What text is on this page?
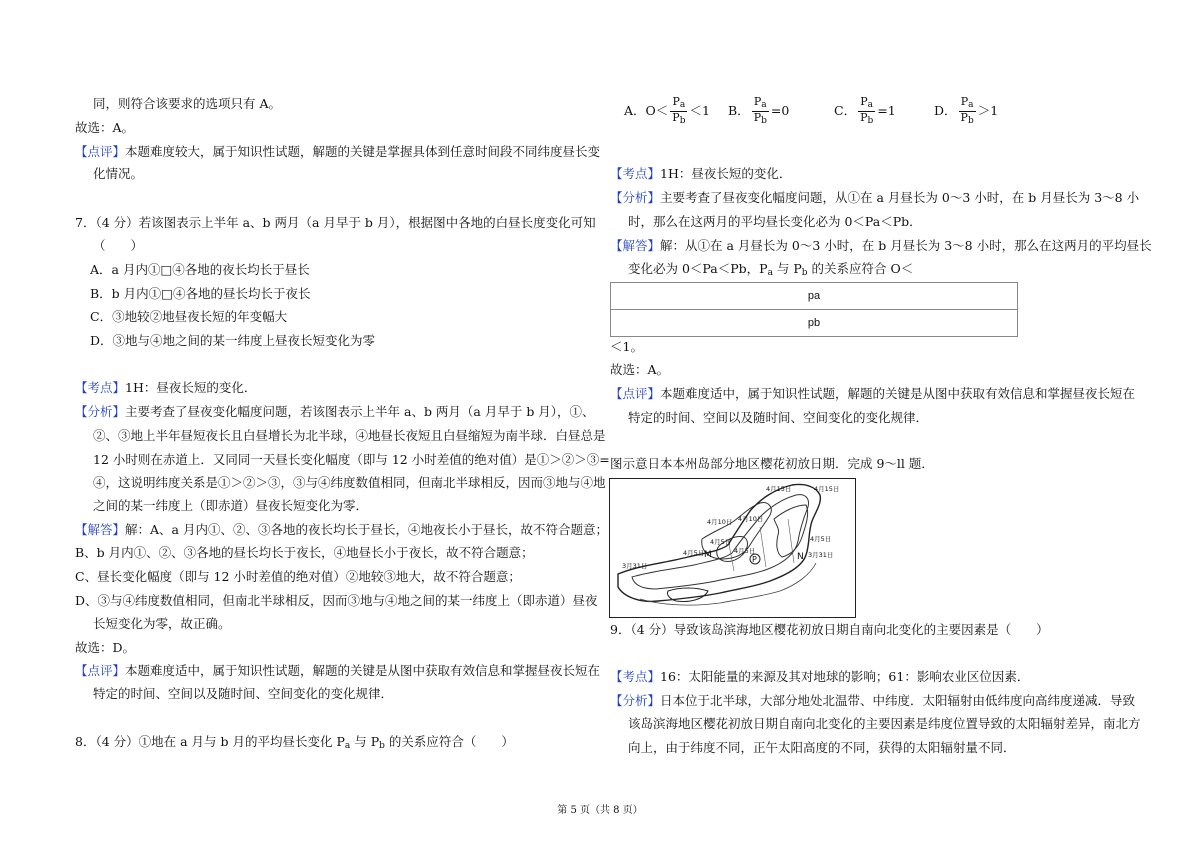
同，则符合该要求的选项只有 A。
故选：A。
【点评】本题难度较大，属于知识性试题，解题的关键是掌握具体到任意时间段不同纬度昼长变
化情况。
7．（4 分）若该图表示上半年 a、b 两月（a 月早于 b 月），根据图中各地的白昼长度变化可知
（　　）
A．a 月内①□④各地的夜长均长于昼长
B．b 月内①□④各地的昼长均长于夜长
C．③地较②地昼夜长短的年变幅大
D．③地与④地之间的某一纬度上昼夜长短变化为零
【考点】1H：昼夜长短的变化．
【分析】主要考查了昼夜变化幅度问题，若该图表示上半年 a、b 两月（a 月早于 b 月），①、
②、③地上半年昼短夜长且白昼增长为北半球，④地昼长夜短且白昼缩短为南半球．白昼总是
12 小时则在赤道上．又同同一天昼长变化幅度（即与 12 小时差值的绝对值）是①＞②＞③=
④，这说明纬度关系是①＞②＞③，③与④纬度数值相同，但南北半球相反，因而③地与④地
之间的某一纬度上（即赤道）昼夜长短变化为零．
【解答】解：A、a 月内①、②、③各地的夜长均长于昼长，④地夜长小于昼长，故不符合题意；
B、b 月内①、②、③各地的昼长均长于夜长，④地昼长小于夜长，故不符合题意；
C、昼长变化幅度（即与 12 小时差值的绝对值）②地较③地大，故不符合题意；
D、③与④纬度数值相同，但南北半球相反，因而③地与④地之间的某一纬度上（即赤道）昼夜
长短变化为零，故正确。
故选：D。
【点评】本题难度适中，属于知识性试题，解题的关键是从图中获取有效信息和掌握昼夜长短在
特定的时间、空间以及随时间、空间变化的变化规律．
8．（4 分）①地在 a 月与 b 月的平均昼长变化 $P_a$ 与 $P_b$ 的关系应符合（　　）
A．$O< \frac{P_a}{P_b} <1$ B． $\frac{P_a}{P_b} =0$	C． $\frac{P_a}{P_b} =1$	D． $\frac{P_a}{P_b} >1$
【考点】1H：昼夜长短的变化．
【分析】主要考查了昼夜变化幅度问题，从①在 a 月昼长为 0～3 小时，在 b 月昼长为 3～8 小
时，那么在这两月的平均昼长变化必为 0＜Pa＜Pb．
【解答】解：从①在 a 月昼长为 0～3 小时，在 b 月昼长为 3～8 小时，那么在这两月的平均昼长
变化必为 0＜Pa＜Pb，$P_a$ 与 $P_b$ 的关系应符合 O＜
pa
pb
＜1。
故选：A。
【点评】本题难度适中，属于知识性试题，解题的关键是从图中获取有效信息和掌握昼夜长短在
特定的时间、空间以及随时间、空间变化的变化规律．
图示意日本本州岛部分地区樱花初放日期．完成 9～ll 题．
4月15日	4月15日
4月10日
4月10日
4月5日
4月5日	4月5日
4月5日
3月31日
3月31日
M	P	N
9．（4 分）导致该岛滨海地区樱花初放日期自南向北变化的主要因素是（　　）
【考点】16：太阳能量的来源及其对地球的影响；61：影响农业区位因素．
【分析】日本位于北半球，大部分地处北温带、中纬度．太阳辐射由低纬度向高纬度递减．导致
该岛滨海地区樱花初放日期自南向北变化的主要因素是纬度位置导致的太阳辐射差异，南北方
向上，由于纬度不同，正午太阳高度的不同，获得的太阳辐射量不同．
第 5 页（共 8 页）
